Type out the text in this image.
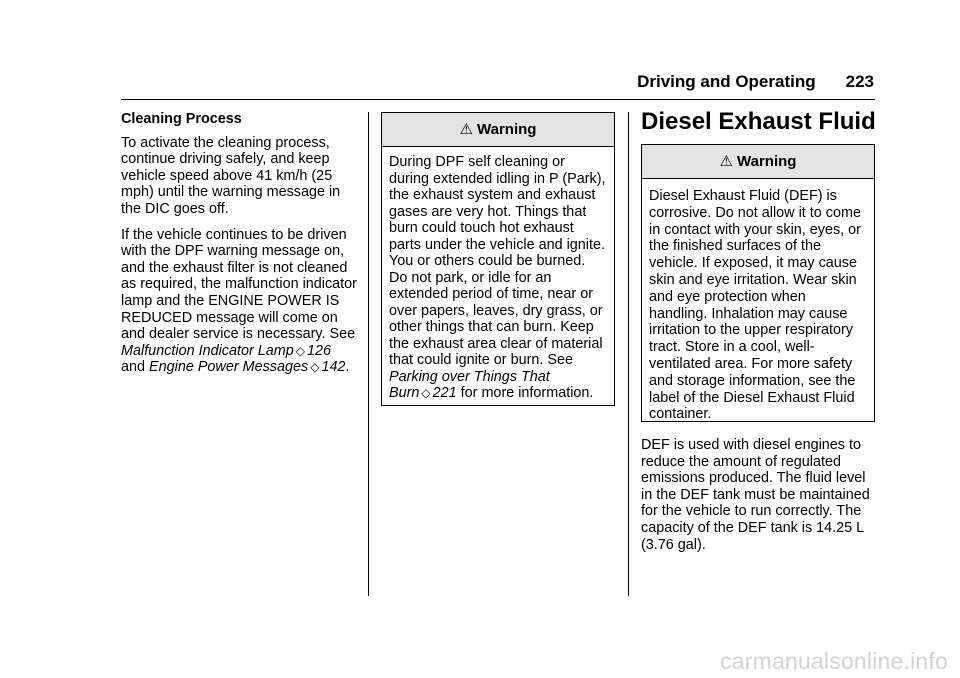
Driving and Operating 223
Cleaning Process

To activate the cleaning process, continue driving safely, and keep vehicle speed above 41 km/h (25 mph) until the warning message in the DIC goes off.

If the vehicle continues to be driven with the DPF warning message on, and the exhaust filter is not cleaned as required, the malfunction indicator lamp and the ENGINE POWER IS REDUCED message will come on and dealer service is necessary. See Malfunction Indicator Lamp ◇ 126 and Engine Power Messages ◇ 142.

⚠ Warning
During DPF self cleaning or during extended idling in P (Park), the exhaust system and exhaust gases are very hot. Things that burn could touch hot exhaust parts under the vehicle and ignite. You or others could be burned. Do not park, or idle for an extended period of time, near or over papers, leaves, dry grass, or other things that can burn. Keep the exhaust area clear of material that could ignite or burn. See Parking over Things That Burn ◇ 221 for more information.
Diesel Exhaust Fluid
⚠ Warning
Diesel Exhaust Fluid (DEF) is corrosive. Do not allow it to come in contact with your skin, eyes, or the finished surfaces of the vehicle. If exposed, it may cause skin and eye irritation. Wear skin and eye protection when handling. Inhalation may cause irritation to the upper respiratory tract. Store in a cool, well-ventilated area. For more safety and storage information, see the label of the Diesel Exhaust Fluid container.

DEF is used with diesel engines to reduce the amount of regulated emissions produced. The fluid level in the DEF tank must be maintained for the vehicle to run correctly. The capacity of the DEF tank is 14.25 L (3.76 gal).

carmanualsonline.info
